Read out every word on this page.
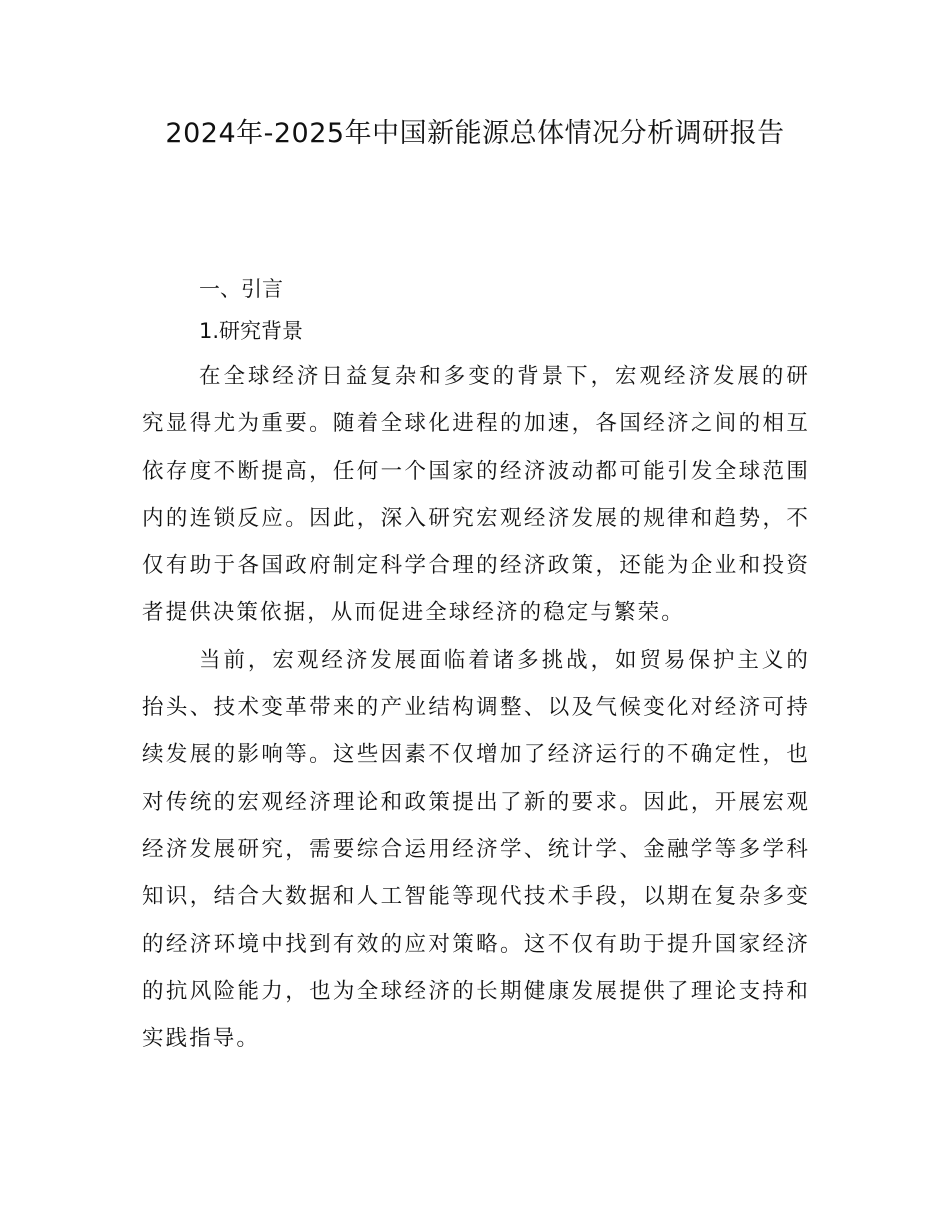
2024年-2025年中国新能源总体情况分析调研报告
一、引言
1.研究背景

在全球经济日益复杂和多变的背景下，宏观经济发展的研究显得尤为重要。随着全球化进程的加速，各国经济之间的相互依存度不断提高，任何一个国家的经济波动都可能引发全球范围内的连锁反应。因此，深入研究宏观经济发展的规律和趋势，不仅有助于各国政府制定科学合理的经济政策，还能为企业和投资者提供决策依据，从而促进全球经济的稳定与繁荣。

当前，宏观经济发展面临着诸多挑战，如贸易保护主义的抬头、技术变革带来的产业结构调整、以及气候变化对经济可持续发展的影响等。这些因素不仅增加了经济运行的不确定性，也对传统的宏观经济理论和政策提出了新的要求。因此，开展宏观经济发展研究，需要综合运用经济学、统计学、金融学等多学科知识，结合大数据和人工智能等现代技术手段，以期在复杂多变的经济环境中找到有效的应对策略。这不仅有助于提升国家经济的抗风险能力，也为全球经济的长期健康发展提供了理论支持和实践指导。
